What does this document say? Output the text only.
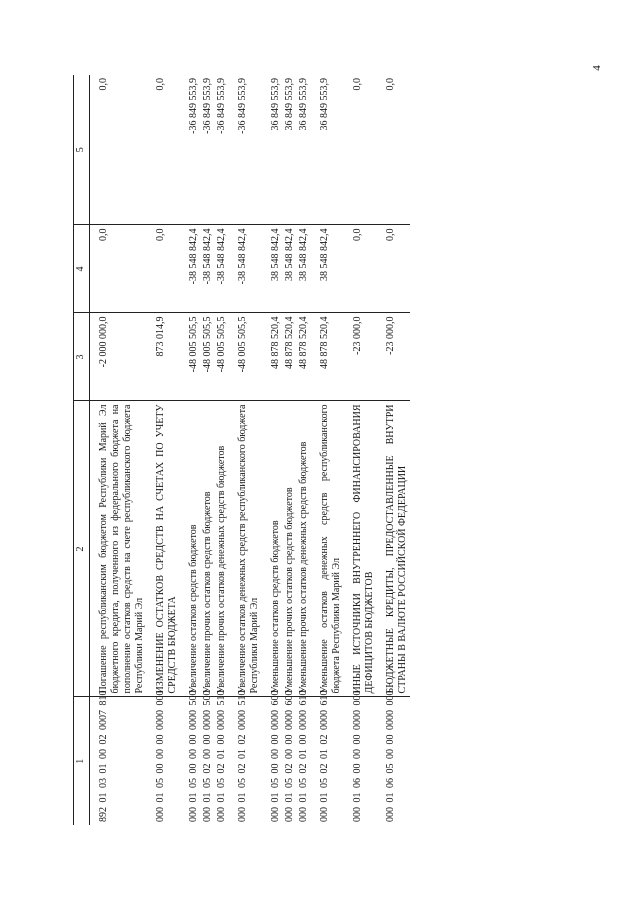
4
1	2	3	4	5
892 01 03 01 00 02 0007 810	Погашение республиканским бюджетом Республики Марий Эл бюджетного кредита, полученного из федерального бюджета на пополнение остатков средств на счете республиканского бюджета Республики Марий Эл	-2 000 000,0	0,0	0,0
000 01 05 00 00 00 0000 000	ИЗМЕНЕНИЕ ОСТАТКОВ СРЕДСТВ НА СЧЕТАХ ПО УЧЕТУ СРЕДСТВ БЮДЖЕТА	873 014,9	0,0	0,0
000 01 05 00 00 00 0000 500	Увеличение остатков средств бюджетов	-48 005 505,5	-38 548 842,4	-36 849 553,9
000 01 05 02 00 00 0000 500	Увеличение прочих остатков средств бюджетов	-48 005 505,5	-38 548 842,4	-36 849 553,9
000 01 05 02 01 00 0000 510	Увеличение прочих остатков денежных средств бюджетов	-48 005 505,5	-38 548 842,4	-36 849 553,9
000 01 05 02 01 02 0000 510	Увеличение остатков денежных средств республиканского бюджета Республики Марий Эл	-48 005 505,5	-38 548 842,4	-36 849 553,9
000 01 05 00 00 00 0000 600	Уменьшение остатков средств бюджетов	48 878 520,4	38 548 842,4	36 849 553,9
000 01 05 02 00 00 0000 600	Уменьшение прочих остатков средств бюджетов	48 878 520,4	38 548 842,4	36 849 553,9
000 01 05 02 01 00 0000 610	Уменьшение прочих остатков денежных средств бюджетов	48 878 520,4	38 548 842,4	36 849 553,9
000 01 05 02 01 02 0000 610	Уменьшение остатков денежных средств республиканского бюджета Республики Марий Эл	48 878 520,4	38 548 842,4	36 849 553,9
000 01 06 00 00 00 0000 000	ИНЫЕ ИСТОЧНИКИ ВНУТРЕННЕГО ФИНАНСИРОВАНИЯ ДЕФИЦИТОВ БЮДЖЕТОВ	-23 000,0	0,0	0,0
000 01 06 05 00 00 0000 000	БЮДЖЕТНЫЕ КРЕДИТЫ, ПРЕДОСТАВЛЕННЫЕ ВНУТРИ СТРАНЫ В ВАЛЮТЕ РОССИЙСКОЙ ФЕДЕРАЦИИ	-23 000,0	0,0	0,0
